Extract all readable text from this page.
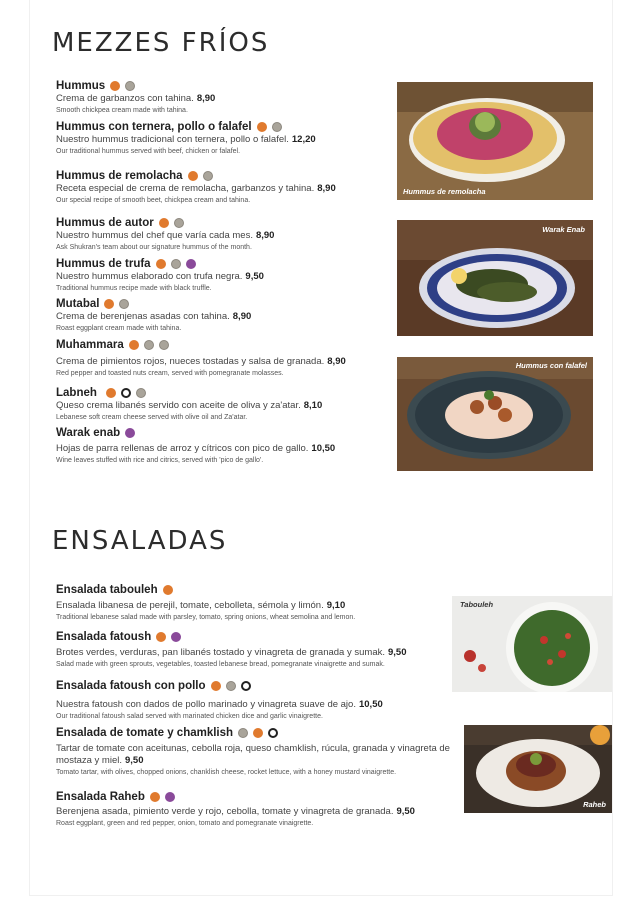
MEZZES FRÍOS
Hummus
Crema de garbanzos con tahina. 8,90
Smooth chickpea cream made with tahina.
Hummus con ternera, pollo o falafel
Nuestro hummus tradicional con ternera, pollo o falafel. 12,20
Our traditional hummus served with beef, chicken or falafel.
Hummus de remolacha
Receta especial de crema de remolacha, garbanzos y tahina. 8,90
Our special recipe of smooth beet, chickpea cream and tahina.
Hummus de autor
Nuestro hummus del chef que varía cada mes. 8,90
Ask Shukran's team about our signature hummus of the month.
Hummus de trufa
Nuestro hummus elaborado con trufa negra. 9,50
Traditional hummus recipe made with black truffle.
Mutabal
Crema de berenjenas asadas con tahina. 8,90
Roast eggplant cream made with tahina.
Muhammara
Crema de pimientos rojos, nueces tostadas y salsa de granada. 8,90
Red pepper and toasted nuts cream, served with pomegranate molasses.
Labneh
Queso crema libanés servido con aceite de oliva y za'atar. 8,10
Lebanese soft cream cheese served with olive oil and Za'atar.
Warak enab
Hojas de parra rellenas de arroz y cítricos con pico de gallo. 10,50
Wine leaves stuffed with rice and citrics, served with 'pico de gallo'.
Hummus de remolacha
Warak Enab
Hummus con falafel
ENSALADAS
Ensalada tabouleh
Ensalada libanesa de perejil, tomate, cebolleta, sémola y limón. 9,10
Traditional lebanese salad made with parsley, tomato, spring onions, wheat semolina and lemon.
Ensalada fatoush
Brotes verdes, verduras, pan libanés tostado y vinagreta de granada y sumak. 9,50
Salad made with green sprouts, vegetables, toasted lebanese bread, pomegranate vinaigrette and sumak.
Ensalada fatoush con pollo
Nuestra fatoush con dados de pollo marinado y vinagreta suave de ajo. 10,50
Our traditional fatoush salad served with marinated chicken dice and garlic vinaigrette.
Ensalada de tomate y chamklish
Tartar de tomate con aceitunas, cebolla roja, queso chamklish, rúcula, granada y vinagreta de mostaza y miel. 9,50
Tomato tartar, with olives, chopped onions, chanklish cheese, rocket lettuce, with a honey mustard vinaigrette.
Ensalada Raheb
Berenjena asada, pimiento verde y rojo, cebolla, tomate y vinagreta de granada. 9,50
Roast eggplant, green and red pepper, onion, tomato and pomegranate vinaigrette.
Tabouleh
Raheb
